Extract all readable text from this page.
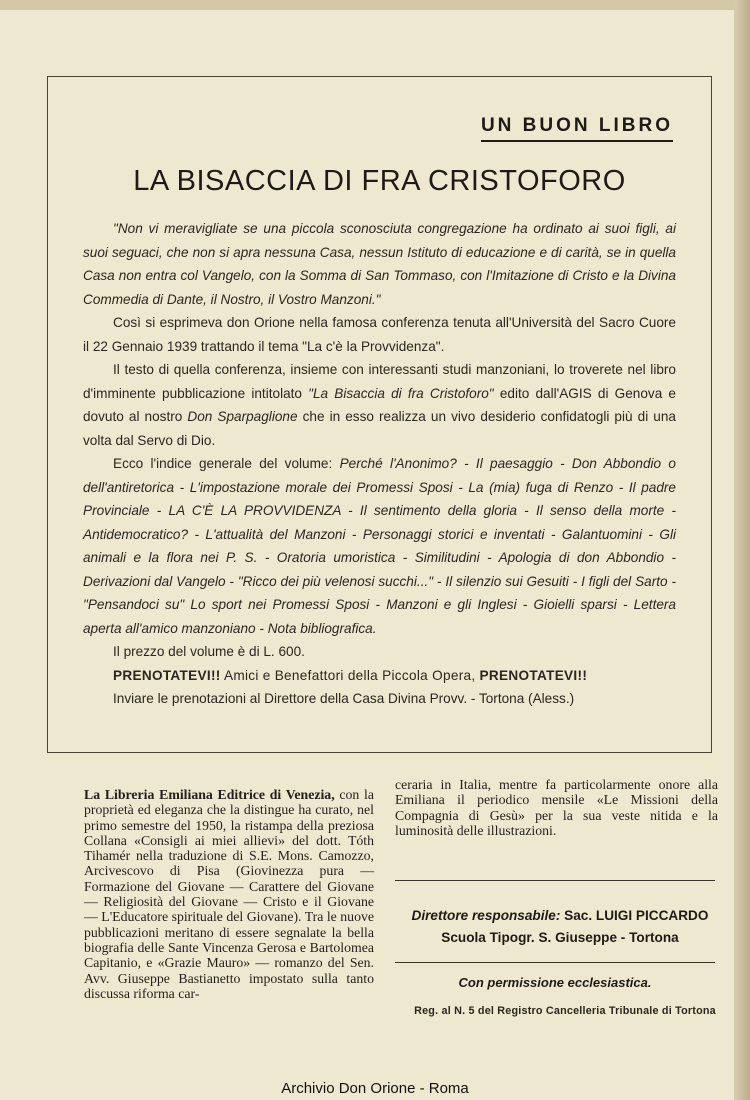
UN BUON LIBRO
LA BISACCIA DI FRA CRISTOFORO

"Non vi meravigliate se una piccola sconosciuta congregazione ha ordinato ai suoi figli, ai suoi seguaci, che non si apra nessuna Casa, nessun Istituto di educazione e di carità, se in quella Casa non entra col Vangelo, con la Somma di San Tommaso, con l'Imitazione di Cristo e la Divina Commedia di Dante, il Nostro, il Vostro Manzoni."

Così si esprimeva don Orione nella famosa conferenza tenuta all'Università del Sacro Cuore il 22 Gennaio 1939 trattando il tema "La c'è la Provvidenza".

Il testo di quella conferenza, insieme con interessanti studi manzoniani, lo troverete nel libro d'imminente pubblicazione intitolato "La Bisaccia di fra Cristoforo" edito dall'AGIS di Genova e dovuto al nostro Don Sparpaglione che in esso realizza un vivo desiderio confidatogli più di una volta dal Servo di Dio.

Ecco l'indice generale del volume: Perché l'Anonimo? - Il paesaggio - Don Abbondio o dell'antiretorica - L'impostazione morale dei Promessi Sposi - La (mia) fuga di Renzo - Il padre Provinciale - LA C'È LA PROVVIDENZA - Il sentimento della gloria - Il senso della morte - Antidemocratico? - L'attualità del Manzoni - Personaggi storici e inventati - Galantuomini - Gli animali e la flora nei P. S. - Oratoria umoristica - Similitudini - Apologia di don Abbondio - Derivazioni dal Vangelo - "Ricco dei più velenosi succhi..." - Il silenzio sui Gesuiti - I figli del Sarto - "Pensandoci su" Lo sport nei Promessi Sposi - Manzoni e gli Inglesi - Gioielli sparsi - Lettera aperta all'amico manzoniano - Nota bibliografica.

Il prezzo del volume è di L. 600.

PRENOTATEVI!! Amici e Benefattori della Piccola Opera, PRENOTATEVI!!

Inviare le prenotazioni al Direttore della Casa Divina Provv. - Tortona (Aless.)

La Libreria Emiliana Editrice di Venezia, con la proprietà ed eleganza che la distingue ha curato, nel primo semestre del 1950, la ristampa della preziosa Collana «Consigli ai miei allievi» del dott. Tóth Tihamér nella traduzione di S.E. Mons. Camozzo, Arcivescovo di Pisa (Giovinezza pura — Formazione del Giovane — Carattere del Giovane — Religiosità del Giovane — Cristo e il Giovane — L'Educatore spirituale del Giovane). Tra le nuove pubblicazioni meritano di essere segnalate la bella biografia delle Sante Vincenza Gerosa e Bartolomea Capitanio, e «Grazie Mauro» — romanzo del Sen. Avv. Giuseppe Bastianetto impostato sulla tanto discussa riforma car-

ceraria in Italia, mentre fa particolarmente onore alla Emiliana il periodico mensile «Le Missioni della Compagnia di Gesù» per la sua veste nitida e la luminosità delle illustrazioni.

Direttore responsabile: Sac. LUIGI PICCARDO
Scuola Tipogr. S. Giuseppe - Tortona
Con permissione ecclesiastica.
Reg. al N. 5 del Registro Cancelleria Tribunale di Tortona
Archivio Don Orione - Roma
